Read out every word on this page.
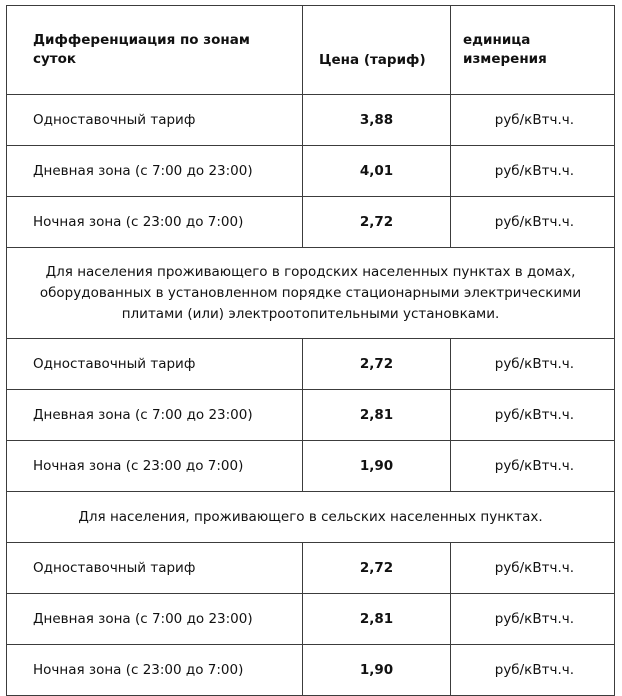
Дифференциация по зонам суток	Цена (тариф)	единица измерения
Одноставочный тариф	3,88	руб/кВтч.ч.
Дневная зона (с 7:00 до 23:00)	4,01	руб/кВтч.ч.
Ночная зона (с 23:00 до 7:00)	2,72	руб/кВтч.ч.
Для населения проживающего в городских населенных пунктах в домах, оборудованных в установленном порядке стационарными электрическими плитами (или) электроотопительными установками.		
Одноставочный тариф	2,72	руб/кВтч.ч.
Дневная зона (с 7:00 до 23:00)	2,81	руб/кВтч.ч.
Ночная зона (с 23:00 до 7:00)	1,90	руб/кВтч.ч.
Для населения, проживающего в сельских населенных пунктах.		
Одноставочный тариф	2,72	руб/кВтч.ч.
Дневная зона (с 7:00 до 23:00)	2,81	руб/кВтч.ч.
Ночная зона (с 23:00 до 7:00)	1,90	руб/кВтч.ч.
